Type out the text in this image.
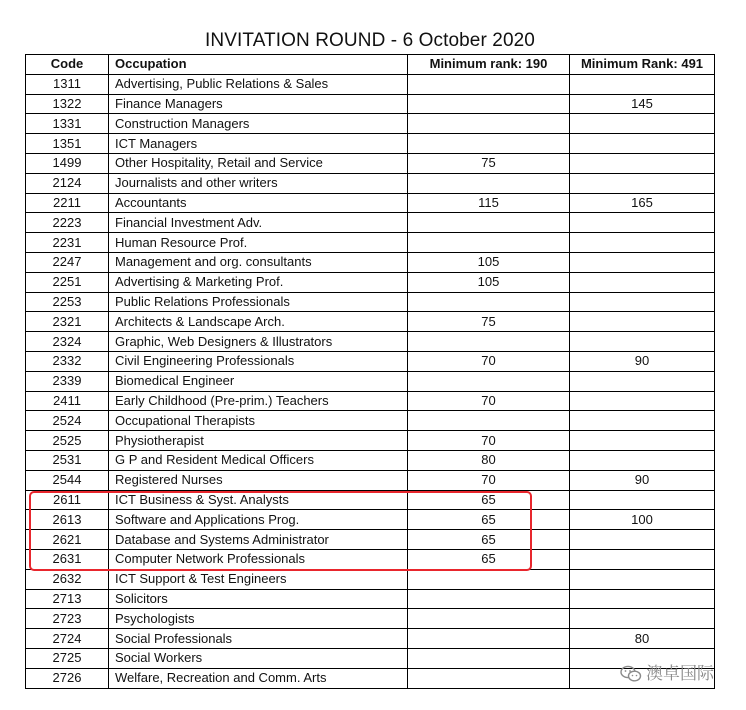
INVITATION ROUND - 6 October 2020
Code	Occupation	Minimum rank: 190	Minimum Rank: 491
1311	Advertising, Public Relations & Sales		
1322	Finance Managers		145
1331	Construction Managers		
1351	ICT Managers		
1499	Other Hospitality, Retail and Service	75	
2124	Journalists and other writers		
2211	Accountants	115	165
2223	Financial Investment Adv.		
2231	Human Resource Prof.		
2247	Management and org. consultants	105	
2251	Advertising & Marketing Prof.	105	
2253	Public Relations Professionals		
2321	Architects & Landscape Arch.	75	
2324	Graphic, Web Designers & Illustrators		
2332	Civil Engineering Professionals	70	90
2339	Biomedical Engineer		
2411	Early Childhood (Pre-prim.) Teachers	70	
2524	Occupational Therapists		
2525	Physiotherapist	70	
2531	G P and Resident Medical Officers	80	
2544	Registered Nurses	70	90
2611	ICT Business & Syst. Analysts	65	
2613	Software and Applications Prog.	65	100
2621	Database and Systems Administrator	65	
2631	Computer Network Professionals	65	
2632	ICT Support & Test Engineers		
2713	Solicitors		
2723	Psychologists		
2724	Social Professionals		80
2725	Social Workers		
2726	Welfare, Recreation and Comm. Arts			澳卓国际
